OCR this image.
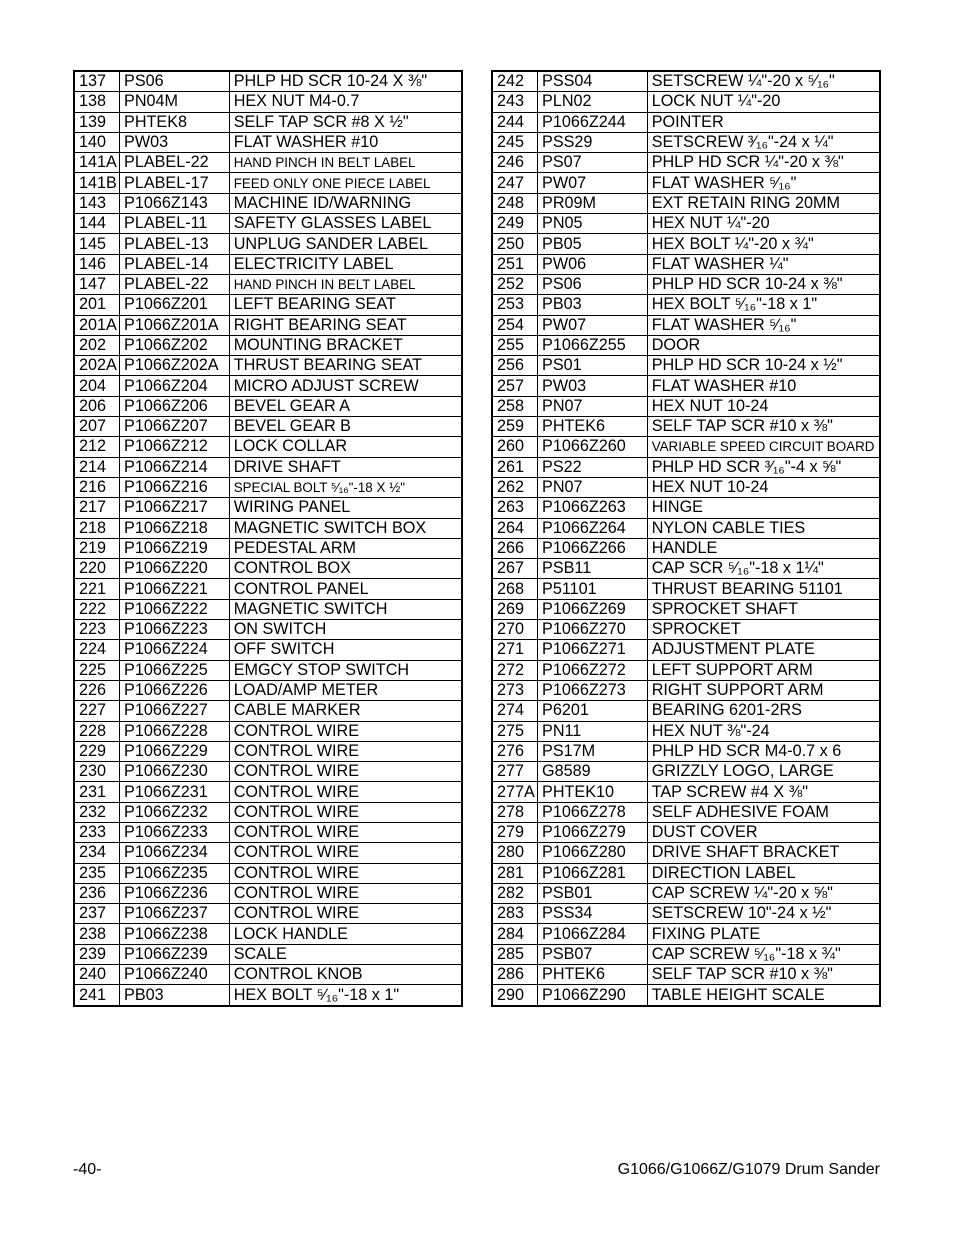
137	PS06	PHLP HD SCR 10-24 X ⅜"
138	PN04M	HEX NUT M4-0.7
139	PHTEK8	SELF TAP SCR #8 X ½"
140	PW03	FLAT WASHER #10
141A	PLABEL-22	HAND PINCH IN BELT LABEL
141B	PLABEL-17	FEED ONLY ONE PIECE LABEL
143	P1066Z143	MACHINE ID/WARNING
144	PLABEL-11	SAFETY GLASSES LABEL
145	PLABEL-13	UNPLUG SANDER LABEL
146	PLABEL-14	ELECTRICITY LABEL
147	PLABEL-22	HAND PINCH IN BELT LABEL
201	P1066Z201	LEFT BEARING SEAT
201A	P1066Z201A	RIGHT BEARING SEAT
202	P1066Z202	MOUNTING BRACKET
202A	P1066Z202A	THRUST BEARING SEAT
204	P1066Z204	MICRO ADJUST SCREW
206	P1066Z206	BEVEL GEAR A
207	P1066Z207	BEVEL GEAR B
212	P1066Z212	LOCK COLLAR
214	P1066Z214	DRIVE SHAFT
216	P1066Z216	SPECIAL BOLT ⁵⁄₁₆"-18 X ½"
217	P1066Z217	WIRING PANEL
218	P1066Z218	MAGNETIC SWITCH BOX
219	P1066Z219	PEDESTAL ARM
220	P1066Z220	CONTROL BOX
221	P1066Z221	CONTROL PANEL
222	P1066Z222	MAGNETIC SWITCH
223	P1066Z223	ON SWITCH
224	P1066Z224	OFF SWITCH
225	P1066Z225	EMGCY STOP SWITCH
226	P1066Z226	LOAD/AMP METER
227	P1066Z227	CABLE MARKER
228	P1066Z228	CONTROL WIRE
229	P1066Z229	CONTROL WIRE
230	P1066Z230	CONTROL WIRE
231	P1066Z231	CONTROL WIRE
232	P1066Z232	CONTROL WIRE
233	P1066Z233	CONTROL WIRE
234	P1066Z234	CONTROL WIRE
235	P1066Z235	CONTROL WIRE
236	P1066Z236	CONTROL WIRE
237	P1066Z237	CONTROL WIRE
238	P1066Z238	LOCK HANDLE
239	P1066Z239	SCALE
240	P1066Z240	CONTROL KNOB
241	PB03	HEX BOLT ⁵⁄₁₆"-18 x 1"
242	PSS04	SETSCREW ¼"-20 x ⁵⁄₁₆"
243	PLN02	LOCK NUT ¼"-20
244	P1066Z244	POINTER
245	PSS29	SETSCREW ³⁄₁₆"-24 x ¼"
246	PS07	PHLP HD SCR ¼"-20 x ⅜"
247	PW07	FLAT WASHER ⁵⁄₁₆"
248	PR09M	EXT RETAIN RING 20MM
249	PN05	HEX NUT ¼"-20
250	PB05	HEX BOLT ¼"-20 x ¾"
251	PW06	FLAT WASHER ¼"
252	PS06	PHLP HD SCR 10-24 x ⅜"
253	PB03	HEX BOLT ⁵⁄₁₆"-18 x 1"
254	PW07	FLAT WASHER ⁵⁄₁₆"
255	P1066Z255	DOOR
256	PS01	PHLP HD SCR 10-24 x ½"
257	PW03	FLAT WASHER #10
258	PN07	HEX NUT 10-24
259	PHTEK6	SELF TAP SCR #10 x ⅜"
260	P1066Z260	VARIABLE SPEED CIRCUIT BOARD
261	PS22	PHLP HD SCR ³⁄₁₆"-4 x ⅝"
262	PN07	HEX NUT 10-24
263	P1066Z263	HINGE
264	P1066Z264	NYLON CABLE TIES
266	P1066Z266	HANDLE
267	PSB11	CAP SCR ⁵⁄₁₆"-18 x 1¼"
268	P51101	THRUST BEARING 51101
269	P1066Z269	SPROCKET SHAFT
270	P1066Z270	SPROCKET
271	P1066Z271	ADJUSTMENT PLATE
272	P1066Z272	LEFT SUPPORT ARM
273	P1066Z273	RIGHT SUPPORT ARM
274	P6201	BEARING 6201-2RS
275	PN11	HEX NUT ⅜"-24
276	PS17M	PHLP HD SCR M4-0.7 x 6
277	G8589	GRIZZLY LOGO, LARGE
277A	PHTEK10	TAP SCREW #4 X ⅜"
278	P1066Z278	SELF ADHESIVE FOAM
279	P1066Z279	DUST COVER
280	P1066Z280	DRIVE SHAFT BRACKET
281	P1066Z281	DIRECTION LABEL
282	PSB01	CAP SCREW ¼"-20 x ⅝"
283	PSS34	SETSCREW 10"-24 x ½"
284	P1066Z284	FIXING PLATE
285	PSB07	CAP SCREW ⁵⁄₁₆"-18 x ¾"
286	PHTEK6	SELF TAP SCR #10 x ⅜"
290	P1066Z290	TABLE HEIGHT SCALE
-40-	G1066/G1066Z/G1079 Drum Sander
